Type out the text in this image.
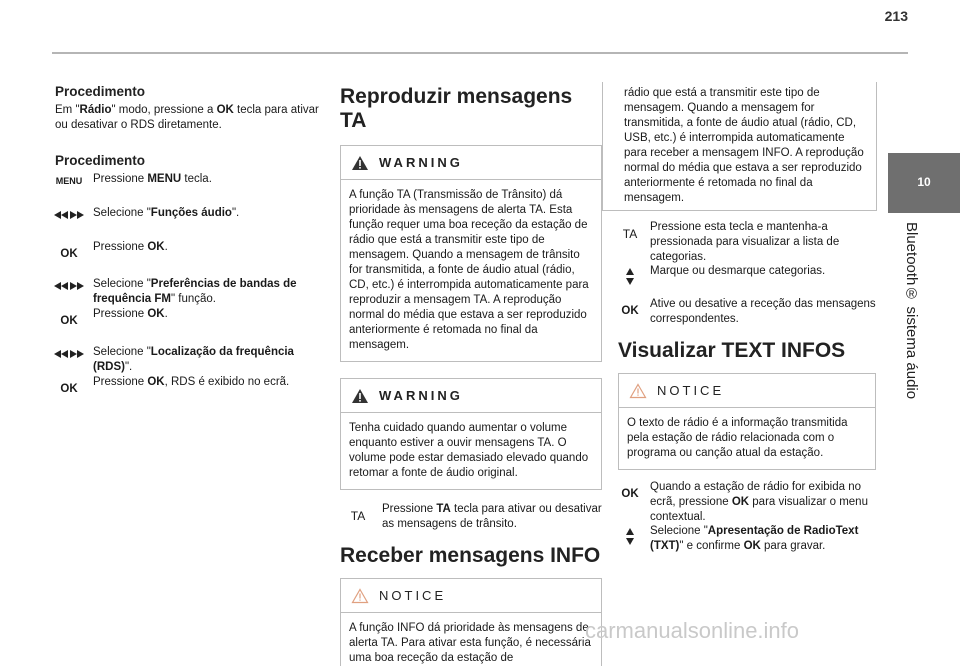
213
10
Bluetooth® sistema áudio
Procedimento

Em "Rádio" modo, pressione a OK tecla para ativar ou desativar o RDS diretamente.

Procedimento
MENU Pressione MENU tecla.

Selecione "Funções áudio".

OK

Pressione OK.

Selecione "Preferências de bandas de frequência FM" função.

OK

Pressione OK.

Selecione "Localização da frequência (RDS)".

OK

Pressione OK, RDS é exibido no ecrã.

Reproduzir mensagens TA
WARNING

A função TA (Transmissão de Trânsito) dá prioridade às mensagens de alerta TA. Esta função requer uma boa receção da estação de rádio que está a transmitir este tipo de mensagem. Quando a mensagem de trânsito for transmitida, a fonte de áudio atual (rádio, CD, etc.) é interrompida automaticamente para reproduzir a mensagem TA. A reprodução normal do média que estava a ser reproduzido anteriormente é retomada no final da mensagem.

WARNING

Tenha cuidado quando aumentar o volume enquanto estiver a ouvir mensagens TA. O volume pode estar demasiado elevado quando retomar a fonte de áudio original.

TA	Pressione TA tecla para ativar ou desativar as mensagens de trânsito.

Receber mensagens INFO
NOTICE

A função INFO dá prioridade às mensagens de alerta TA. Para ativar esta função, é necessária uma boa receção da estação de

rádio que está a transmitir este tipo de mensagem. Quando a mensagem for transmitida, a fonte de áudio atual (rádio, CD, USB, etc.) é interrompida automaticamente para receber a mensagem INFO. A reprodução normal do média que estava a ser reproduzido anteriormente é retomada no final da mensagem.

TA	Pressione esta tecla e mantenha-a pressionada para visualizar a lista de categorias.

Marque ou desmarque categorias.

OK

Ative ou desative a receção das mensagens correspondentes.

Visualizar TEXT INFOS
NOTICE

O texto de rádio é a informação transmitida pela estação de rádio relacionada com o programa ou canção atual da estação.

OK

Quando a estação de rádio for exibida no ecrã, pressione OK para visualizar o menu contextual.

Selecione "Apresentação de RadioText (TXT)" e confirme OK para gravar.

carmanualsonline.info
